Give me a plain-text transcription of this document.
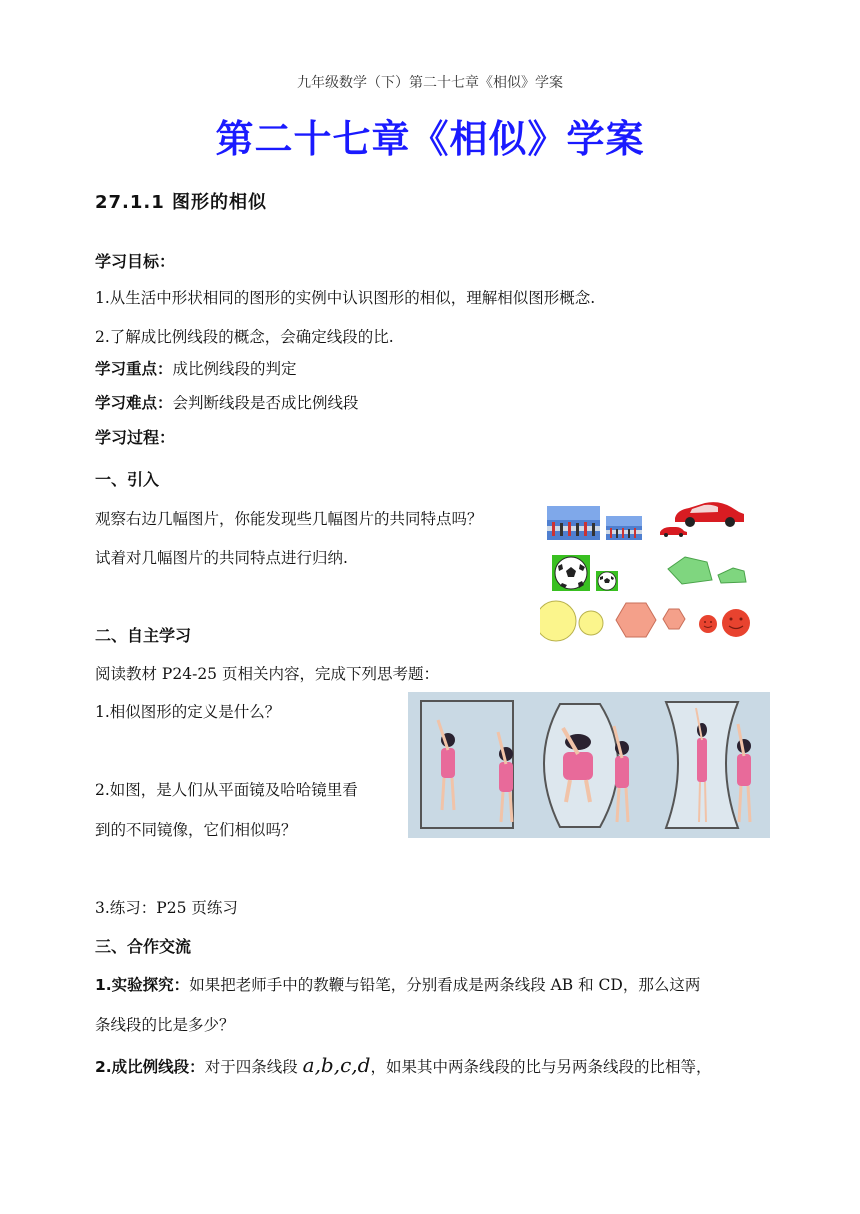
九年级数学（下）第二十七章《相似》学案
第二十七章《相似》学案
27.1.1 图形的相似
学习目标：
1.从生活中形状相同的图形的实例中认识图形的相似，理解相似图形概念.
2.了解成比例线段的概念，会确定线段的比.
学习重点：成比例线段的判定
学习难点：会判断线段是否成比例线段
学习过程：
一、引入
观察右边几幅图片，你能发现些几幅图片的共同特点吗？
试着对几幅图片的共同特点进行归纳.
二、自主学习
阅读教材 P24-25 页相关内容，完成下列思考题：
1.相似图形的定义是什么？
2.如图，是人们从平面镜及哈哈镜里看
到的不同镜像，它们相似吗？
3.练习：P25 页练习
三、合作交流
1.实验探究：如果把老师手中的教鞭与铅笔，分别看成是两条线段 AB 和 CD，那么这两
条线段的比是多少？
2.成比例线段：对于四条线段 a,b,c,d，如果其中两条线段的比与另两条线段的比相等，
